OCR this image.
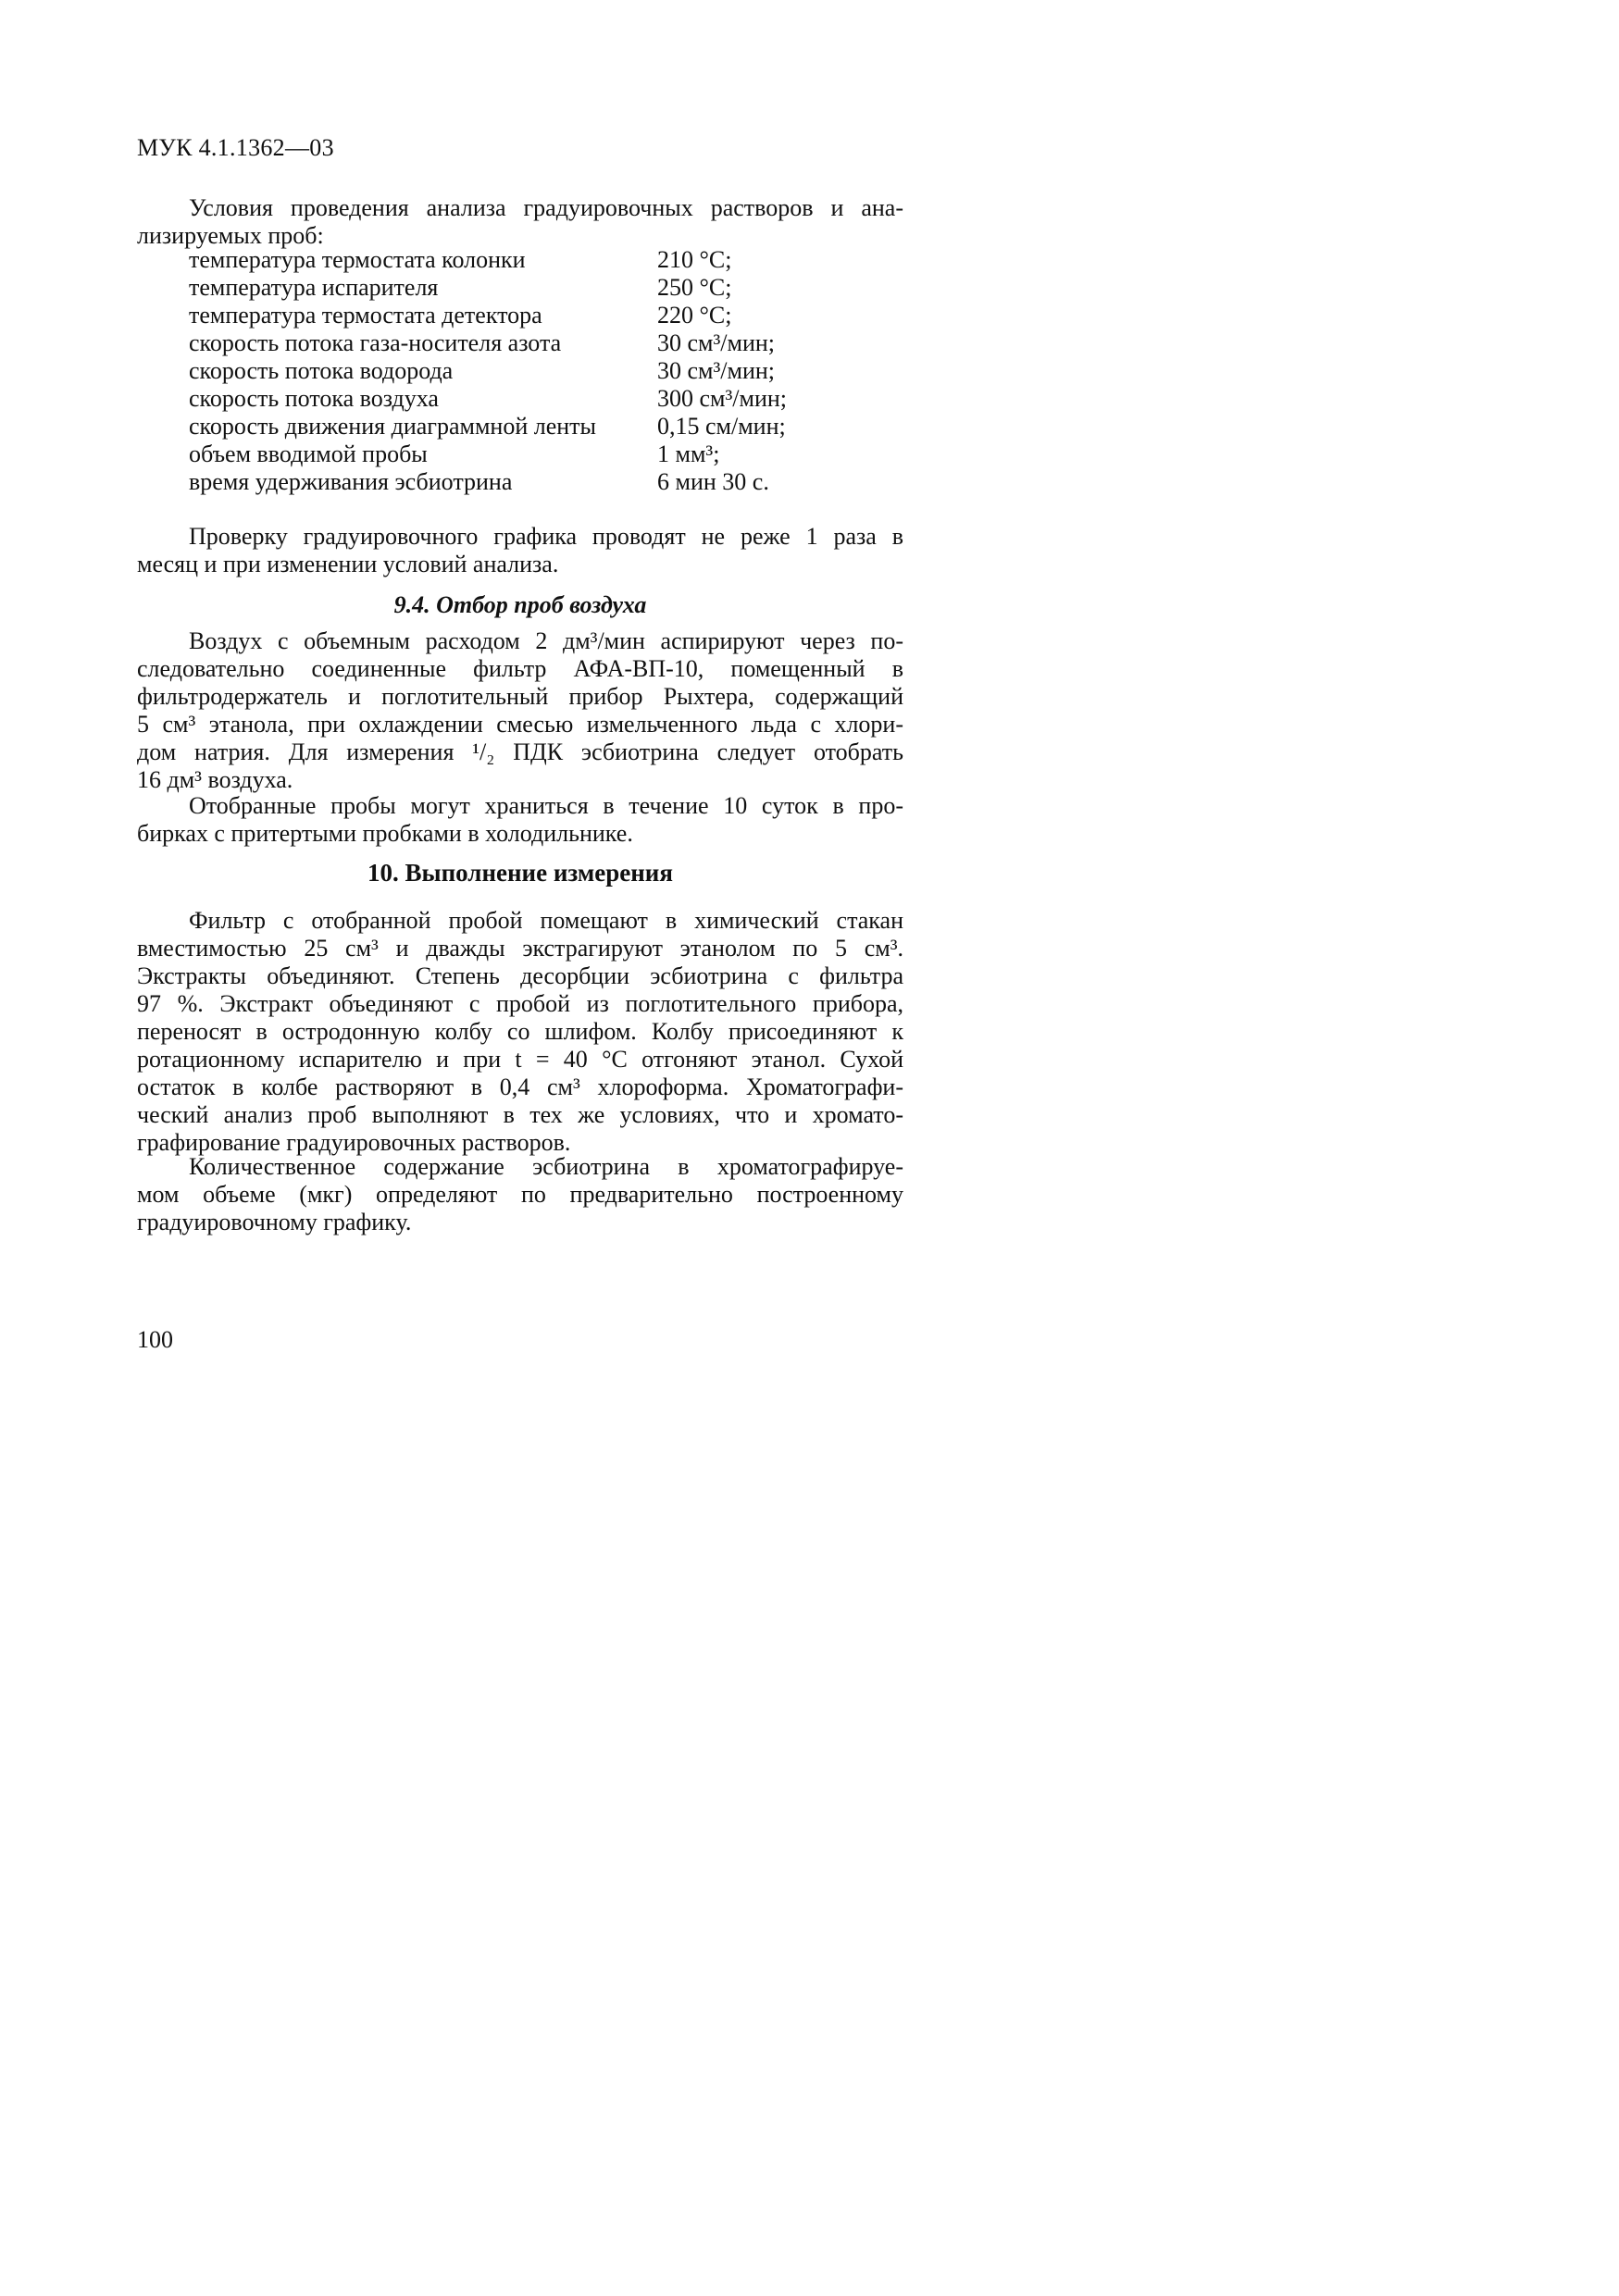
МУК 4.1.1362—03
Условия проведения анализа градуировочных растворов и ана-
лизируемых проб:
температура термостата колонки	210 °С;
температура испарителя	250 °С;
температура термостата детектора	220 °С;
скорость потока газа-носителя азота	30 см³/мин;
скорость потока водорода	30 см³/мин;
скорость потока воздуха	300 см³/мин;
скорость движения диаграммной ленты	0,15 см/мин;
объем вводимой пробы	1 мм³;
время удерживания эсбиотрина	6 мин 30 с.
Проверку градуировочного графика проводят не реже 1 раза в
месяц и при изменении условий анализа.
9.4. Отбор проб воздуха
Воздух с объемным расходом 2 дм³/мин аспирируют через по-
следовательно соединенные фильтр АФА-ВП-10, помещенный в
фильтродержатель и поглотительный прибор Рыхтера, содержащий
5 см³ этанола, при охлаждении смесью измельченного льда с хлори-
дом натрия. Для измерения ¹/₂ ПДК эсбиотрина следует отобрать
16 дм³ воздуха.
Отобранные пробы могут храниться в течение 10 суток в про-
бирках с притертыми пробками в холодильнике.
10. Выполнение измерения
Фильтр с отобранной пробой помещают в химический стакан
вместимостью 25 см³ и дважды экстрагируют этанолом по 5 см³.
Экстракты объединяют. Степень десорбции эсбиотрина с фильтра
97 %. Экстракт объединяют с пробой из поглотительного прибора,
переносят в остродонную колбу со шлифом. Колбу присоединяют к
ротационному испарителю и при t = 40 °С отгоняют этанол. Сухой
остаток в колбе растворяют в 0,4 см³ хлороформа. Хроматографи-
ческий анализ проб выполняют в тех же условиях, что и хромато-
графирование градуировочных растворов.
Количественное содержание эсбиотрина в хроматографируе-
мом объеме (мкг) определяют по предварительно построенному
градуировочному графику.
100
